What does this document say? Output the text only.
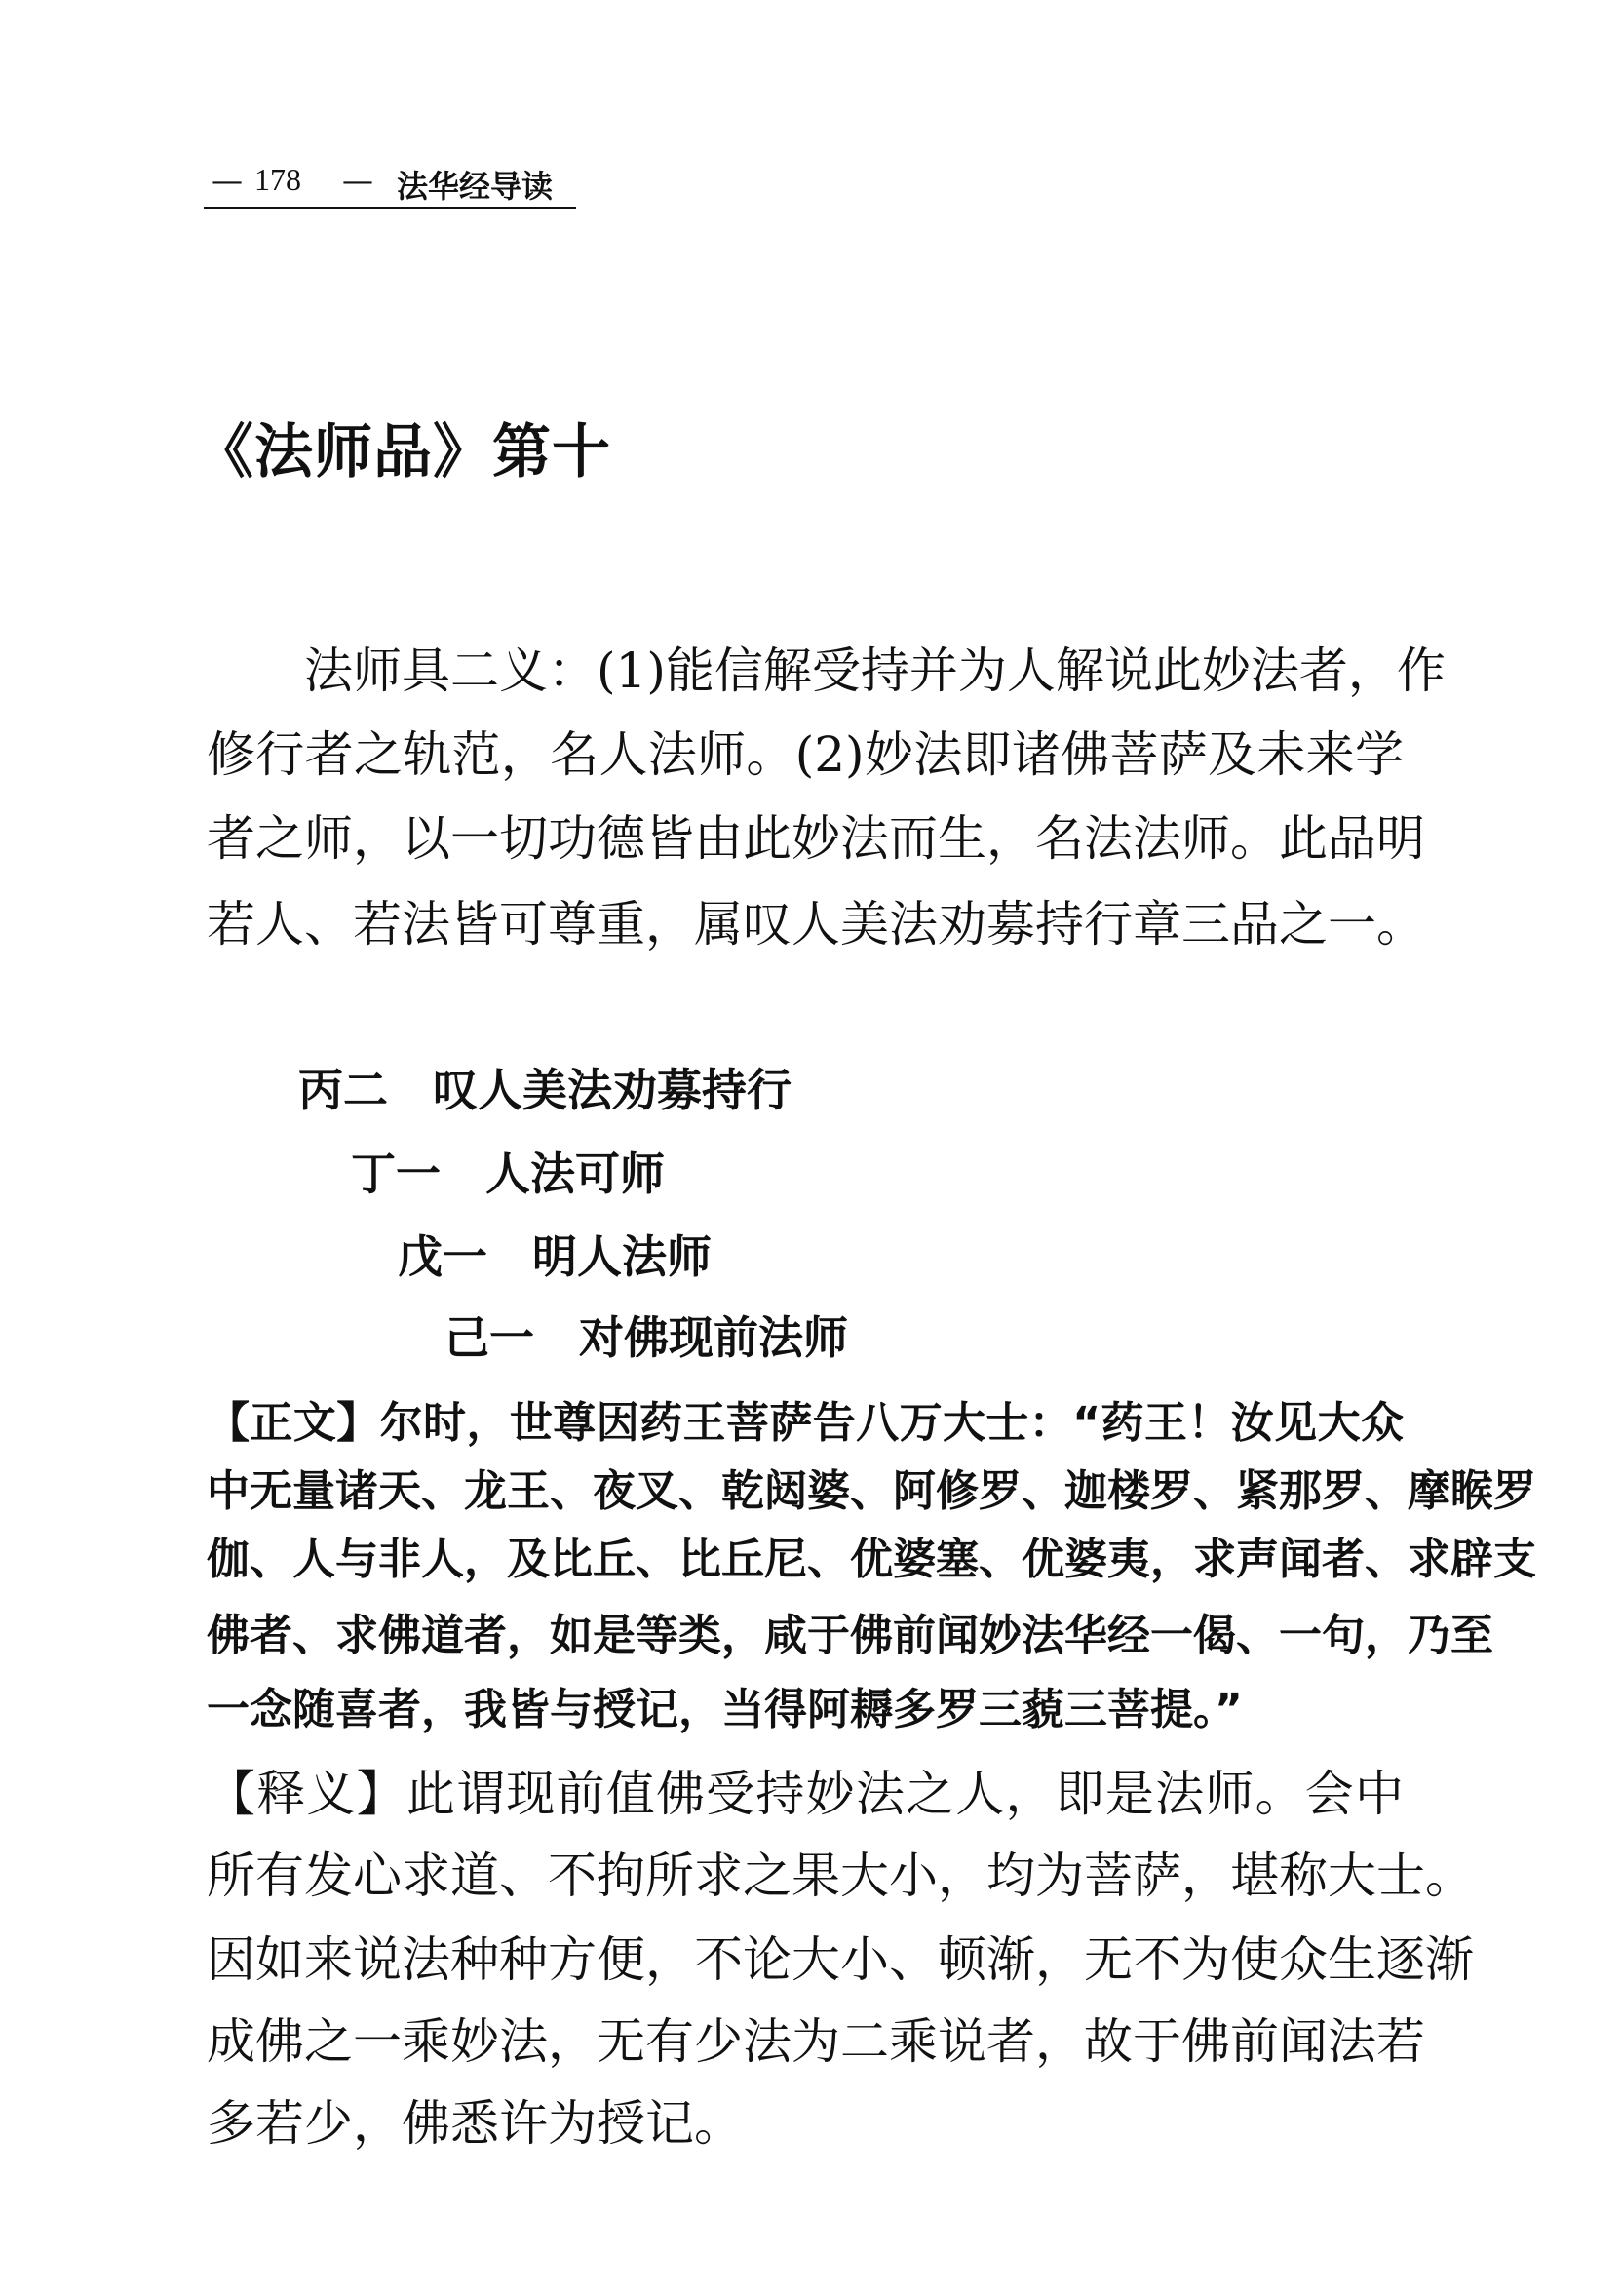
— 178 — 法华经导读
《法师品》第十
法师具二义：(1)能信解受持并为人解说此妙法者，作
修行者之轨范，名人法师。(2)妙法即诸佛菩萨及未来学
者之师，以一切功德皆由此妙法而生，名法法师。此品明
若人、若法皆可尊重，属叹人美法劝募持行章三品之一。
丙二　叹人美法劝募持行
丁一　人法可师
戊一　明人法师
己一　对佛现前法师
【正文】尔时，世尊因药王菩萨告八万大士：“药王！汝见大众
中无量诸天、龙王、夜叉、乾闼婆、阿修罗、迦楼罗、紧那罗、摩睺罗
伽、人与非人，及比丘、比丘尼、优婆塞、优婆夷，求声闻者、求辟支
佛者、求佛道者，如是等类，咸于佛前闻妙法华经一偈、一句，乃至
一念随喜者，我皆与授记，当得阿耨多罗三藐三菩提。”
【释义】此谓现前值佛受持妙法之人，即是法师。会中
所有发心求道、不拘所求之果大小，均为菩萨，堪称大士。
因如来说法种种方便，不论大小、顿渐，无不为使众生逐渐
成佛之一乘妙法，无有少法为二乘说者，故于佛前闻法若
多若少，佛悉许为授记。
